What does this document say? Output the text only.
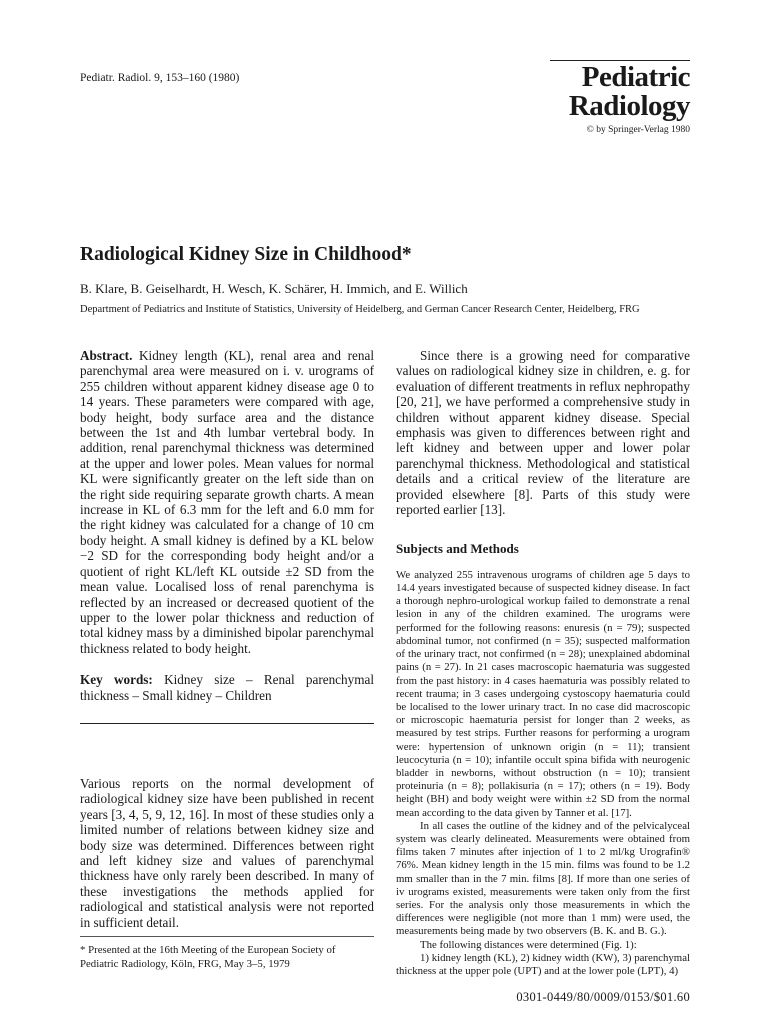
Pediatr. Radiol. 9, 153–160 (1980)	Pediatric
Radiology
© by Springer-Verlag 1980
Radiological Kidney Size in Childhood*
B. Klare, B. Geiselhardt, H. Wesch, K. Schärer, H. Immich, and E. Willich
Department of Pediatrics and Institute of Statistics, University of Heidelberg, and German Cancer Research Center, Heidelberg, FRG

Abstract. Kidney length (KL), renal area and renal parenchymal area were measured on i. v. urograms of 255 children without apparent kidney disease age 0 to 14 years. These parameters were compared with age, body height, body surface area and the distance between the 1st and 4th lumbar vertebral body. In addition, renal parenchymal thickness was determined at the upper and lower poles. Mean values for normal KL were significantly greater on the left side than on the right side requiring separate growth charts. A mean increase in KL of 6.3 mm for the left and 6.0 mm for the right kidney was calculated for a change of 10 cm body height. A small kidney is defined by a KL below −2 SD for the corresponding body height and/or a quotient of right KL/left KL outside ±2 SD from the mean value. Localised loss of renal parenchyma is reflected by an increased or decreased quotient of the upper to the lower polar thickness and reduction of total kidney mass by a diminished bipolar parenchymal thickness related to body height.

Key words: Kidney size – Renal parenchymal thickness – Small kidney – Children

Various reports on the normal development of radiological kidney size have been published in recent years [3, 4, 5, 9, 12, 16]. In most of these studies only a limited number of relations between kidney size and body size was determined. Differences between right and left kidney size and values of parenchymal thickness have only rarely been described. In many of these investigations the methods applied for radiological and statistical analysis were not reported in sufficient detail.

Since there is a growing need for comparative values on radiological kidney size in children, e. g. for evaluation of different treatments in reflux nephropathy [20, 21], we have performed a comprehensive study in children without apparent kidney disease. Special emphasis was given to differences between right and left kidney and between upper and lower polar parenchymal thickness. Methodological and statistical details and a critical review of the literature are provided elsewhere [8]. Parts of this study were reported earlier [13].

Subjects and Methods

We analyzed 255 intravenous urograms of children age 5 days to 14.4 years investigated because of suspected kidney disease. In fact a thorough nephro-urological workup failed to demonstrate a renal lesion in any of the children examined. The urograms were performed for the following reasons: enuresis (n = 79); suspected abdominal tumor, not confirmed (n = 35); suspected malformation of the urinary tract, not confirmed (n = 28); unexplained abdominal pains (n = 27). In 21 cases macroscopic haematuria was suggested from the past history: in 4 cases haematuria was possibly related to recent trauma; in 3 cases undergoing cystoscopy haematuria could be localised to the lower urinary tract. In no case did macroscopic or microscopic haematuria persist for longer than 2 weeks, as measured by test strips. Further reasons for performing a urogram were: hypertension of unknown origin (n = 11); transient leucocyturia (n = 10); infantile occult spina bifida with neurogenic bladder in newborns, without obstruction (n = 10); transient proteinuria (n = 8); pollakisuria (n = 17); others (n = 19). Body height (BH) and body weight were within ±2 SD from the normal mean according to the data given by Tanner et al. [17].

In all cases the outline of the kidney and of the pelvicalyceal system was clearly delineated. Measurements were obtained from films taken 7 minutes after injection of 1 to 2 ml/kg Urografin® 76%. Mean kidney length in the 15 min. films was found to be 1.2 mm smaller than in the 7 min. films [8]. If more than one series of iv urograms existed, measurements were taken only from the first series. For the analysis only those measurements in which the differences were negligible (not more than 1 mm) were used, the measurements being made by two observers (B. K. and B. G.).

The following distances were determined (Fig. 1):

1) kidney length (KL), 2) kidney width (KW), 3) parenchymal thickness at the upper pole (UPT) and at the lower pole (LPT), 4)

* Presented at the 16th Meeting of the European Society of Pediatric Radiology, Köln, FRG, May 3–5, 1979
0301-0449/80/0009/0153/$01.60
